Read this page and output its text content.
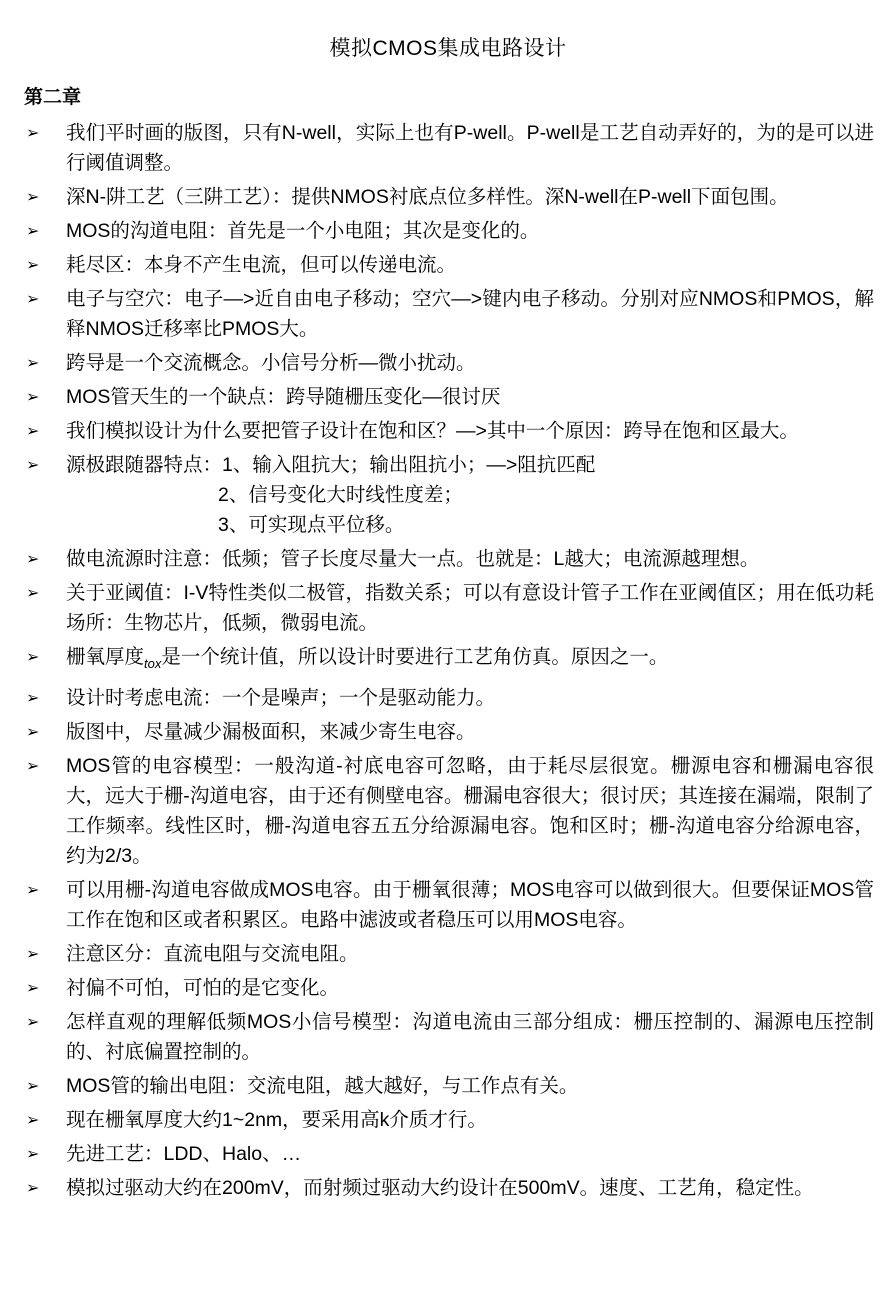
模拟CMOS集成电路设计
第二章
➢	我们平时画的版图，只有N-well，实际上也有P-well。P-well是工艺自动弄好的，为的是可以进行阈值调整。
➢	深N-阱工艺（三阱工艺）：提供NMOS衬底点位多样性。深N-well在P-well下面包围。
➢	MOS的沟道电阻：首先是一个小电阻；其次是变化的。
➢	耗尽区：本身不产生电流，但可以传递电流。
➢	电子与空穴：电子—>近自由电子移动；空穴—>键内电子移动。分别对应NMOS和PMOS，解释NMOS迁移率比PMOS大。
➢	跨导是一个交流概念。小信号分析—微小扰动。
➢	MOS管天生的一个缺点：跨导随栅压变化—很讨厌
➢	我们模拟设计为什么要把管子设计在饱和区？—>其中一个原因：跨导在饱和区最大。
➢	源极跟随器特点：1、输入阻抗大；输出阻抗小；—>阻抗匹配
2、信号变化大时线性度差；
3、可实现点平位移。
➢	做电流源时注意：低频；管子长度尽量大一点。也就是：L越大；电流源越理想。
➢	关于亚阈值：I-V特性类似二极管，指数关系；可以有意设计管子工作在亚阈值区；用在低功耗场所：生物芯片，低频，微弱电流。
➢	栅氧厚度$_{tox}$是一个统计值，所以设计时要进行工艺角仿真。原因之一。
➢	设计时考虑电流：一个是噪声；一个是驱动能力。
➢	版图中，尽量减少漏极面积，来减少寄生电容。
➢	MOS管的电容模型：一般沟道-衬底电容可忽略，由于耗尽层很宽。栅源电容和栅漏电容很大，远大于栅-沟道电容，由于还有侧壁电容。栅漏电容很大；很讨厌；其连接在漏端，限制了工作频率。线性区时，栅-沟道电容五五分给源漏电容。饱和区时；栅-沟道电容分给源电容，约为2/3。
➢	可以用栅-沟道电容做成MOS电容。由于栅氧很薄；MOS电容可以做到很大。但要保证MOS管工作在饱和区或者积累区。电路中滤波或者稳压可以用MOS电容。
➢	注意区分：直流电阻与交流电阻。
➢	衬偏不可怕，可怕的是它变化。
➢	怎样直观的理解低频MOS小信号模型：沟道电流由三部分组成：栅压控制的、漏源电压控制的、衬底偏置控制的。
➢	MOS管的输出电阻：交流电阻，越大越好，与工作点有关。
➢	现在栅氧厚度大约1~2nm，要采用高k介质才行。
➢	先进工艺：LDD、Halo、…
➢	模拟过驱动大约在200mV，而射频过驱动大约设计在500mV。速度、工艺角，稳定性。
